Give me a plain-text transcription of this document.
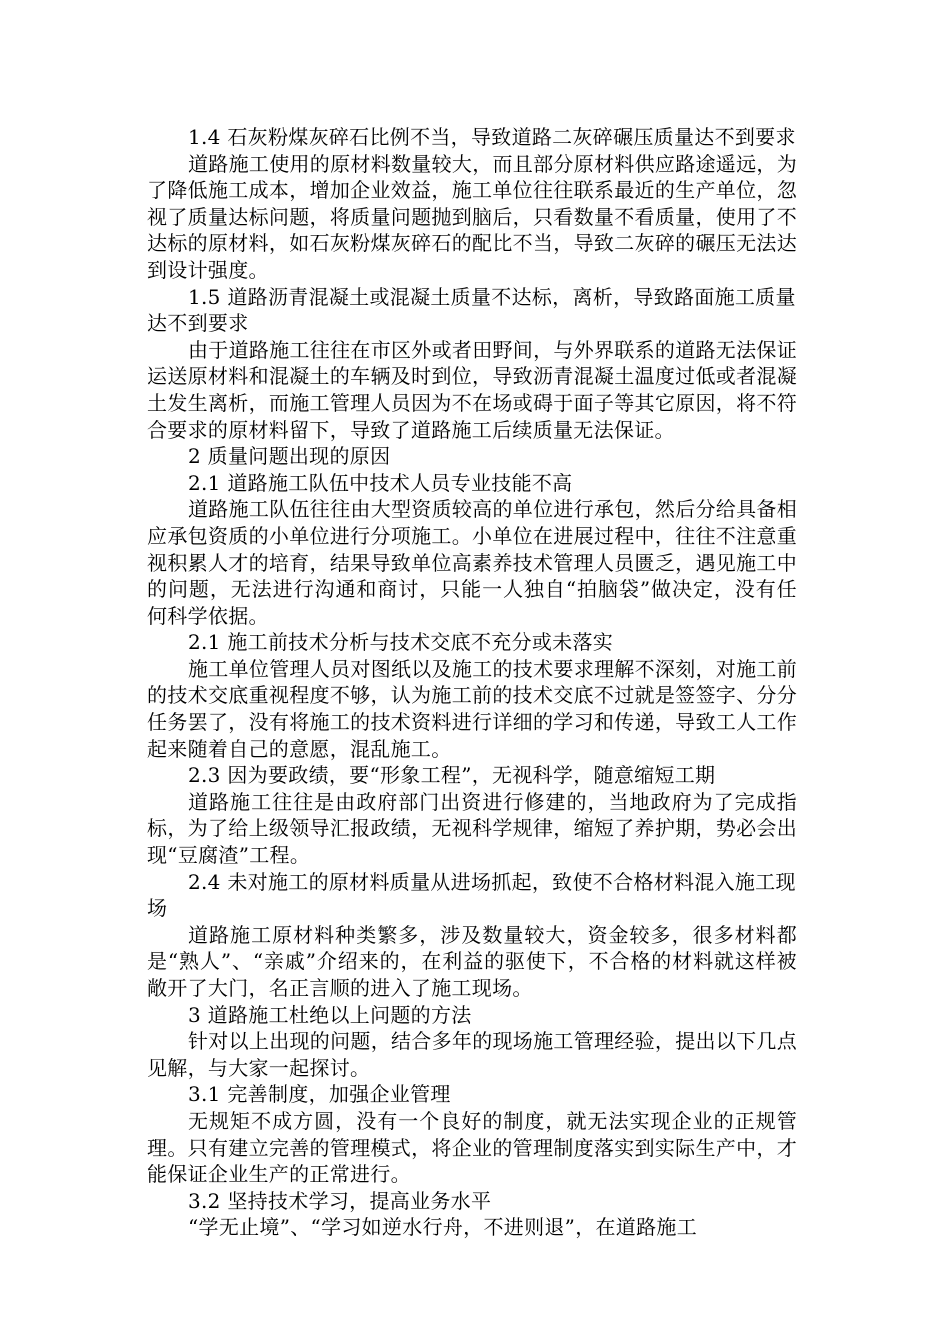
1.4 石灰粉煤灰碎石比例不当，导致道路二灰碎碾压质量达不到要求

道路施工使用的原材料数量较大，而且部分原材料供应路途遥远，为了降低施工成本，增加企业效益，施工单位往往联系最近的生产单位，忽视了质量达标问题，将质量问题抛到脑后，只看数量不看质量，使用了不达标的原材料，如石灰粉煤灰碎石的配比不当，导致二灰碎的碾压无法达到设计强度。

1.5 道路沥青混凝土或混凝土质量不达标，离析，导致路面施工质量达不到要求

由于道路施工往往在市区外或者田野间，与外界联系的道路无法保证运送原材料和混凝土的车辆及时到位，导致沥青混凝土温度过低或者混凝土发生离析，而施工管理人员因为不在场或碍于面子等其它原因，将不符合要求的原材料留下，导致了道路施工后续质量无法保证。

2 质量问题出现的原因

2.1 道路施工队伍中技术人员专业技能不高

道路施工队伍往往由大型资质较高的单位进行承包，然后分给具备相应承包资质的小单位进行分项施工。小单位在进展过程中，往往不注意重视积累人才的培育，结果导致单位高素养技术管理人员匮乏，遇见施工中的问题，无法进行沟通和商讨，只能一人独自“拍脑袋”做决定，没有任何科学依据。

2.1 施工前技术分析与技术交底不充分或未落实

施工单位管理人员对图纸以及施工的技术要求理解不深刻，对施工前的技术交底重视程度不够，认为施工前的技术交底不过就是签签字、分分任务罢了，没有将施工的技术资料进行详细的学习和传递，导致工人工作起来随着自己的意愿，混乱施工。

2.3 因为要政绩，要“形象工程”，无视科学，随意缩短工期

道路施工往往是由政府部门出资进行修建的，当地政府为了完成指标，为了给上级领导汇报政绩，无视科学规律，缩短了养护期，势必会出现“豆腐渣”工程。

2.4 未对施工的原材料质量从进场抓起，致使不合格材料混入施工现场

道路施工原材料种类繁多，涉及数量较大，资金较多，很多材料都是“熟人”、“亲戚”介绍来的，在利益的驱使下，不合格的材料就这样被敞开了大门，名正言顺的进入了施工现场。

3 道路施工杜绝以上问题的方法

针对以上出现的问题，结合多年的现场施工管理经验，提出以下几点见解，与大家一起探讨。

3.1 完善制度，加强企业管理

无规矩不成方圆，没有一个良好的制度，就无法实现企业的正规管理。只有建立完善的管理模式，将企业的管理制度落实到实际生产中，才能保证企业生产的正常进行。

3.2 坚持技术学习，提高业务水平

“学无止境”、“学习如逆水行舟，不进则退”，在道路施工
